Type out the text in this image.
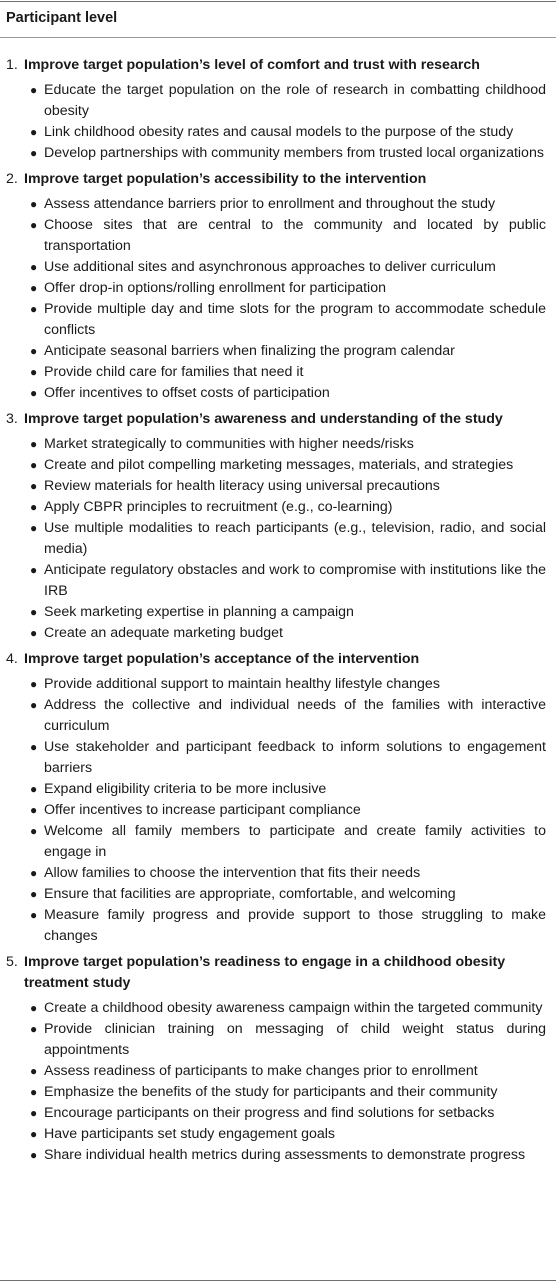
Participant level
1. Improve target population’s level of comfort and trust with research
● Educate the target population on the role of research in combatting childhood obesity
● Link childhood obesity rates and causal models to the purpose of the study
● Develop partnerships with community members from trusted local organizations
2. Improve target population’s accessibility to the intervention
● Assess attendance barriers prior to enrollment and throughout the study
● Choose sites that are central to the community and located by public transportation
● Use additional sites and asynchronous approaches to deliver curriculum
● Offer drop-in options/rolling enrollment for participation
● Provide multiple day and time slots for the program to accommodate schedule conflicts
● Anticipate seasonal barriers when finalizing the program calendar
● Provide child care for families that need it
● Offer incentives to offset costs of participation
3. Improve target population’s awareness and understanding of the study
● Market strategically to communities with higher needs/risks
● Create and pilot compelling marketing messages, materials, and strategies
● Review materials for health literacy using universal precautions
● Apply CBPR principles to recruitment (e.g., co-learning)
● Use multiple modalities to reach participants (e.g., television, radio, and social media)
● Anticipate regulatory obstacles and work to compromise with institutions like the IRB
● Seek marketing expertise in planning a campaign
● Create an adequate marketing budget
4. Improve target population’s acceptance of the intervention
● Provide additional support to maintain healthy lifestyle changes
● Address the collective and individual needs of the families with interactive curriculum
● Use stakeholder and participant feedback to inform solutions to engagement barriers
● Expand eligibility criteria to be more inclusive
● Offer incentives to increase participant compliance
● Welcome all family members to participate and create family activities to engage in
● Allow families to choose the intervention that fits their needs
● Ensure that facilities are appropriate, comfortable, and welcoming
● Measure family progress and provide support to those struggling to make changes
5. Improve target population’s readiness to engage in a childhood obesity treatment study
● Create a childhood obesity awareness campaign within the targeted community
● Provide clinician training on messaging of child weight status during appointments
● Assess readiness of participants to make changes prior to enrollment
● Emphasize the benefits of the study for participants and their community
● Encourage participants on their progress and find solutions for setbacks
● Have participants set study engagement goals
● Share individual health metrics during assessments to demonstrate progress
